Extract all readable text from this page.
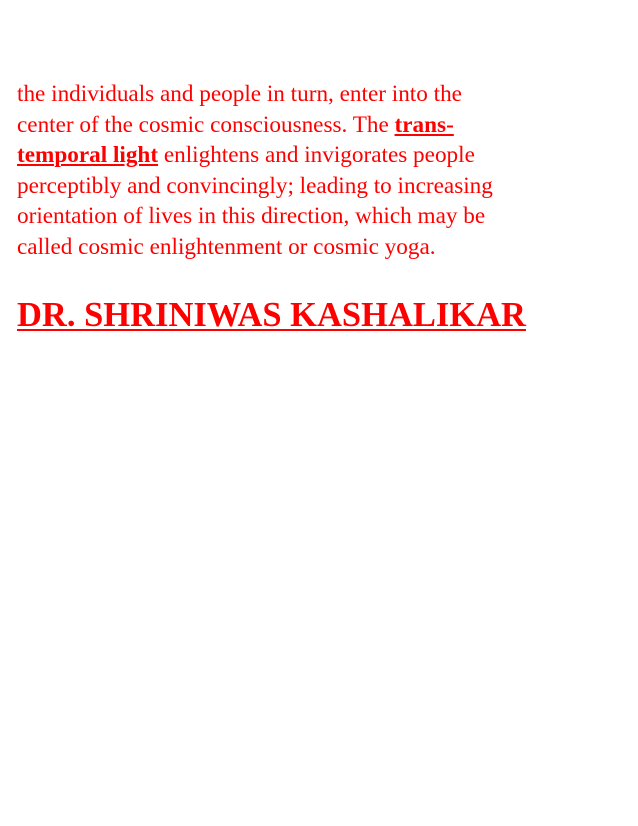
the individuals and people in turn, enter into the
center of the cosmic consciousness. The trans-
temporal light enlightens and invigorates people
perceptibly and convincingly; leading to increasing
orientation of lives in this direction, which may be
called cosmic enlightenment or cosmic yoga.

DR. SHRINIWAS KASHALIKAR
